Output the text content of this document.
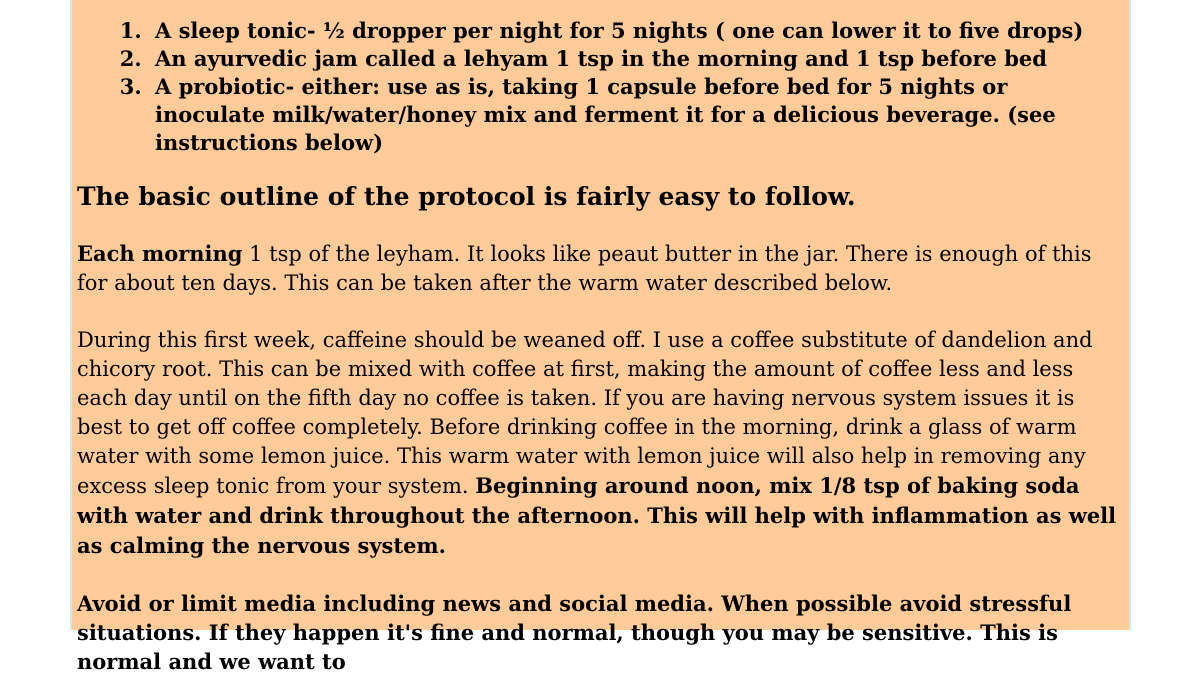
1. A sleep tonic- ½ dropper per night for 5 nights ( one can lower it to five drops)
2. An ayurvedic jam called a lehyam 1 tsp in the morning and 1 tsp before bed
3. A probiotic- either: use as is, taking 1 capsule before bed for 5 nights or inoculate milk/water/honey mix and ferment it for a delicious beverage. (see instructions below)
The basic outline of the protocol is fairly easy to follow.

Each morning 1 tsp of the leyham. It looks like peaut butter in the jar. There is enough of this for about ten days. This can be taken after the warm water described below.

During this first week, caffeine should be weaned off. I use a coffee substitute of dandelion and chicory root. This can be mixed with coffee at first, making the amount of coffee less and less each day until on the fifth day no coffee is taken. If you are having nervous system issues it is best to get off coffee completely. Before drinking coffee in the morning, drink a glass of warm water with some lemon juice. This warm water with lemon juice will also help in removing any excess sleep tonic from your system. Beginning around noon, mix 1/8 tsp of baking soda with water and drink throughout the afternoon. This will help with inflammation as well as calming the nervous system.

Avoid or limit media including news and social media. When possible avoid stressful situations. If they happen it's fine and normal, though you may be sensitive. This is normal and we want to
